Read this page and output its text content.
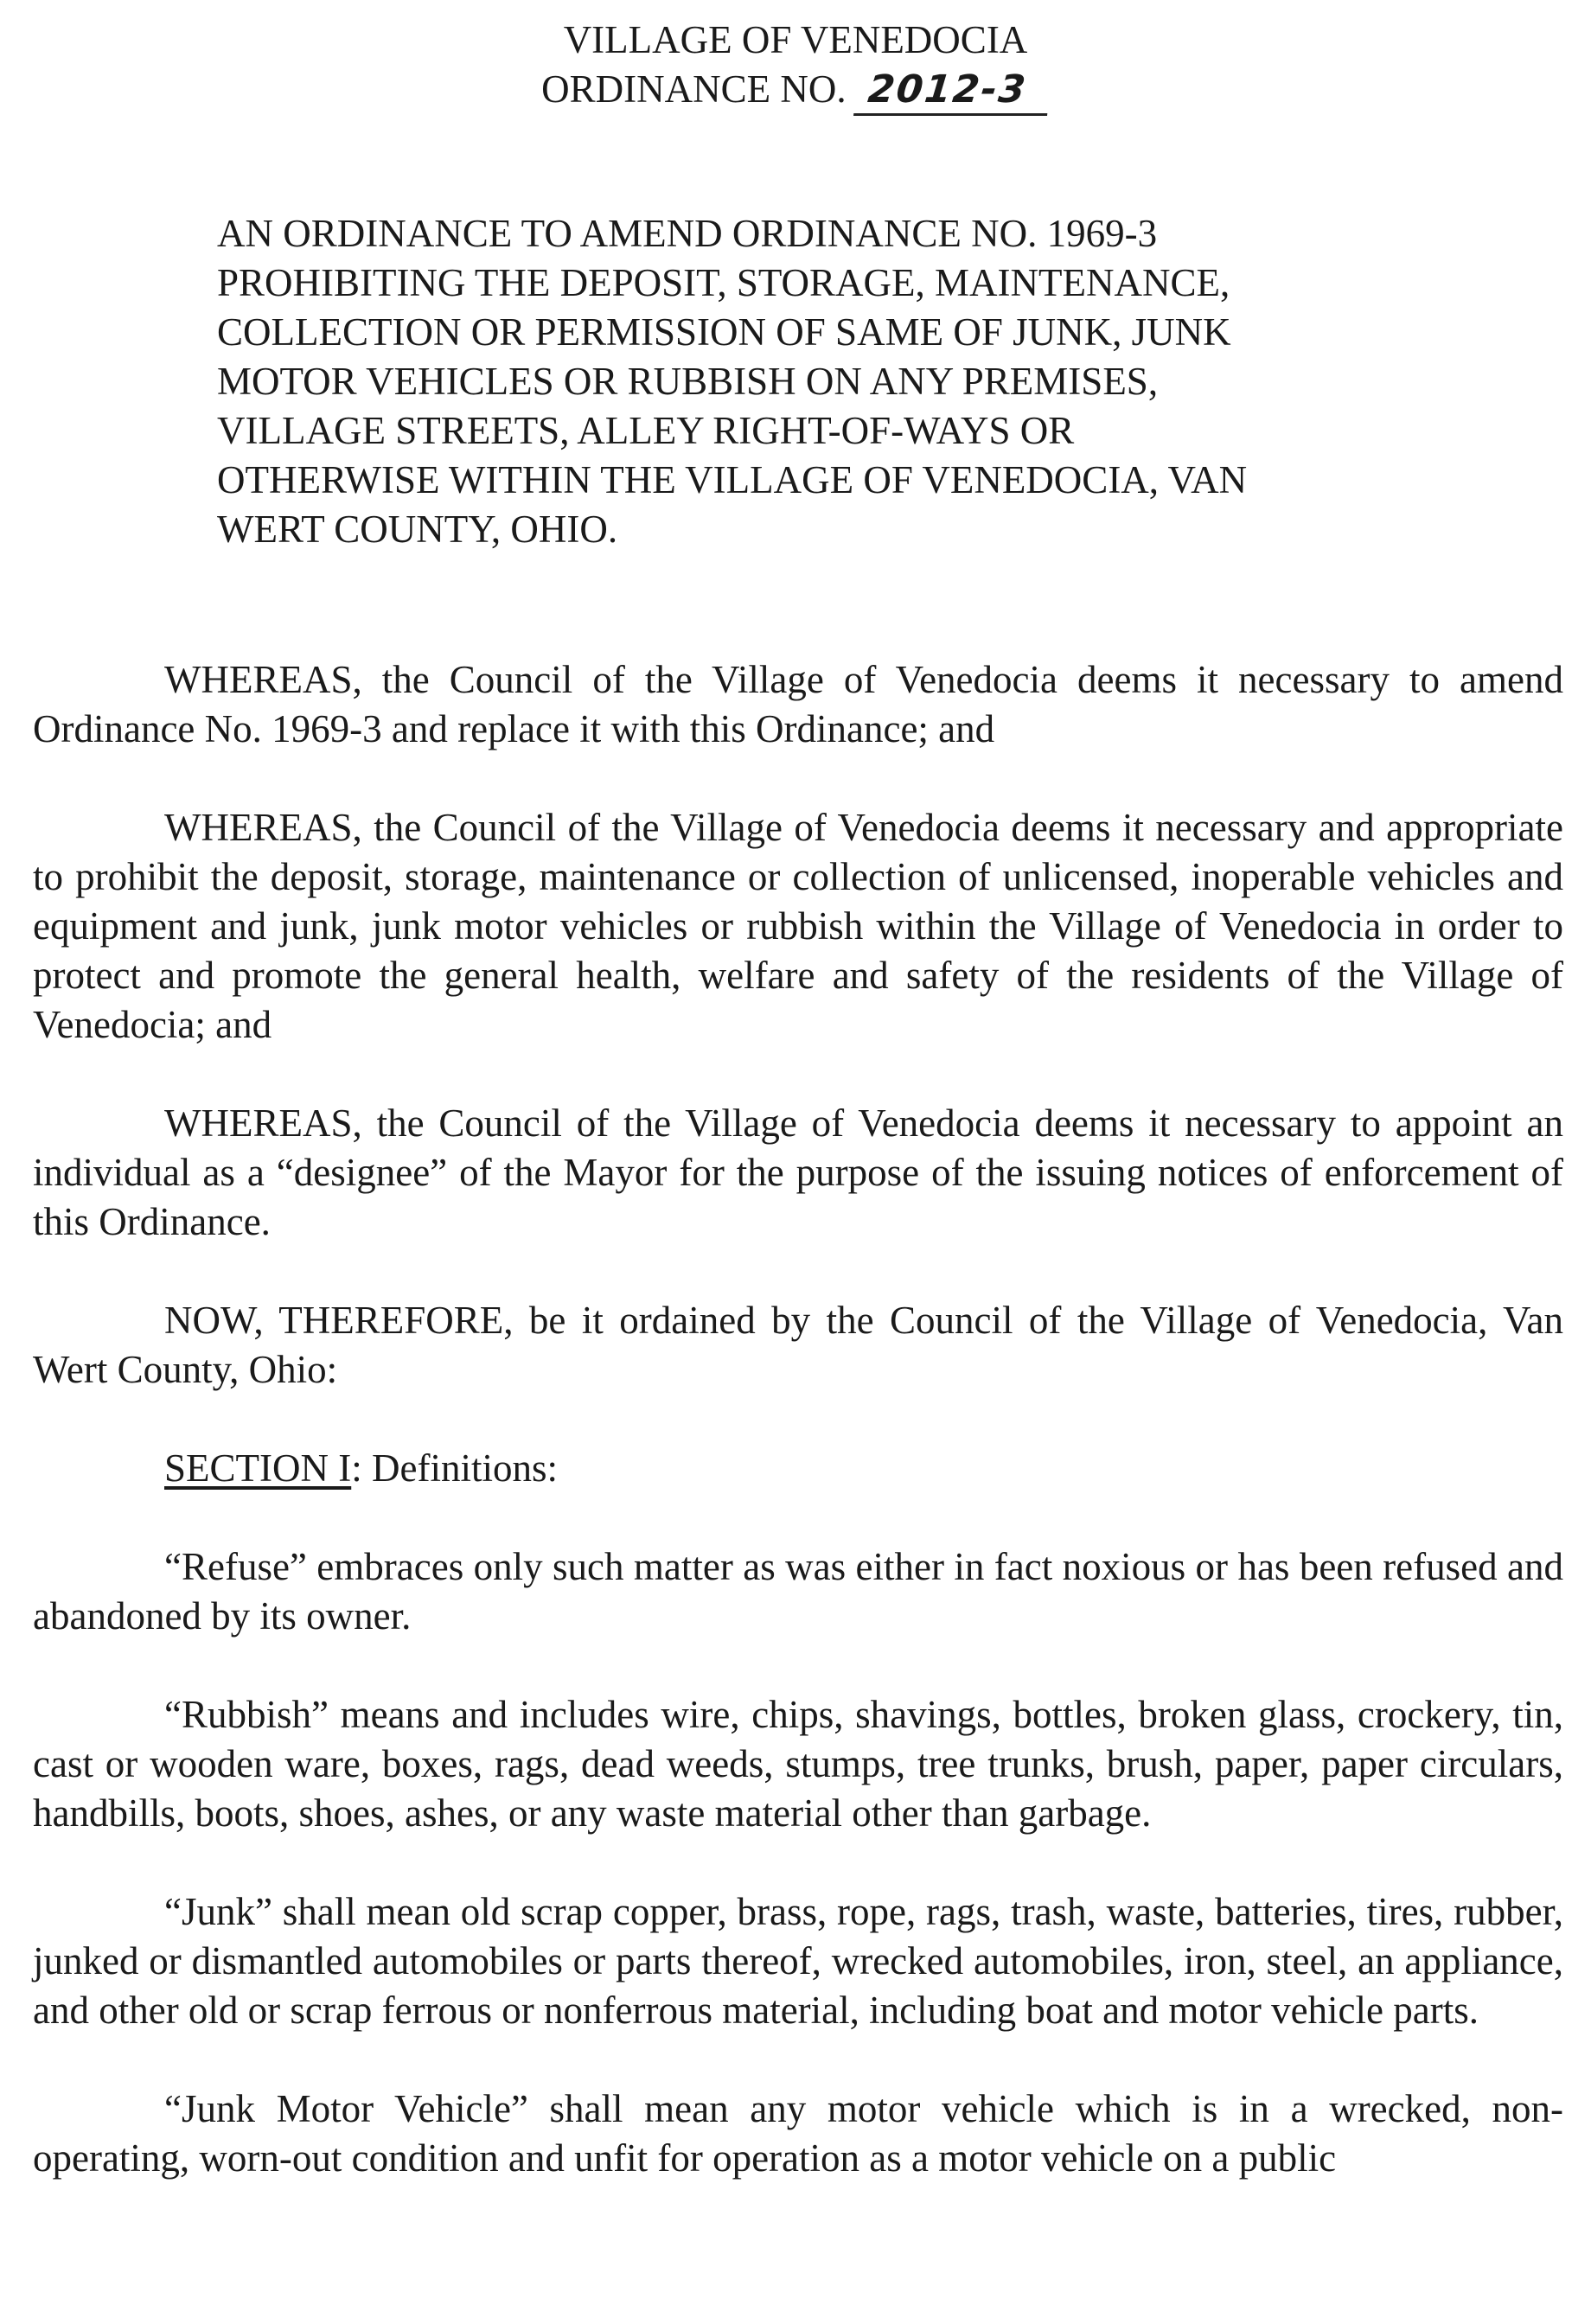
VILLAGE OF VENEDOCIA
ORDINANCE NO. 2012-3
AN ORDINANCE TO AMEND ORDINANCE NO. 1969-3
PROHIBITING THE DEPOSIT, STORAGE, MAINTENANCE,
COLLECTION OR PERMISSION OF SAME OF JUNK, JUNK
MOTOR VEHICLES OR RUBBISH ON ANY PREMISES,
VILLAGE STREETS, ALLEY RIGHT-OF-WAYS OR
OTHERWISE WITHIN THE VILLAGE OF VENEDOCIA, VAN
WERT COUNTY, OHIO.

WHEREAS, the Council of the Village of Venedocia deems it necessary to amend Ordinance No. 1969-3 and replace it with this Ordinance; and

WHEREAS, the Council of the Village of Venedocia deems it necessary and appropriate to prohibit the deposit, storage, maintenance or collection of unlicensed, inoperable vehicles and equipment and junk, junk motor vehicles or rubbish within the Village of Venedocia in order to protect and promote the general health, welfare and safety of the residents of the Village of Venedocia; and

WHEREAS, the Council of the Village of Venedocia deems it necessary to appoint an individual as a “designee” of the Mayor for the purpose of the issuing notices of enforcement of this Ordinance.

NOW, THEREFORE, be it ordained by the Council of the Village of Venedocia, Van Wert County, Ohio:

SECTION I: Definitions:

“Refuse” embraces only such matter as was either in fact noxious or has been refused and abandoned by its owner.

“Rubbish” means and includes wire, chips, shavings, bottles, broken glass, crockery, tin, cast or wooden ware, boxes, rags, dead weeds, stumps, tree trunks, brush, paper, paper circulars, handbills, boots, shoes, ashes, or any waste material other than garbage.

“Junk” shall mean old scrap copper, brass, rope, rags, trash, waste, batteries, tires, rubber, junked or dismantled automobiles or parts thereof, wrecked automobiles, iron, steel, an appliance, and other old or scrap ferrous or nonferrous material, including boat and motor vehicle parts.

“Junk Motor Vehicle” shall mean any motor vehicle which is in a wrecked, non-operating, worn-out condition and unfit for operation as a motor vehicle on a public
